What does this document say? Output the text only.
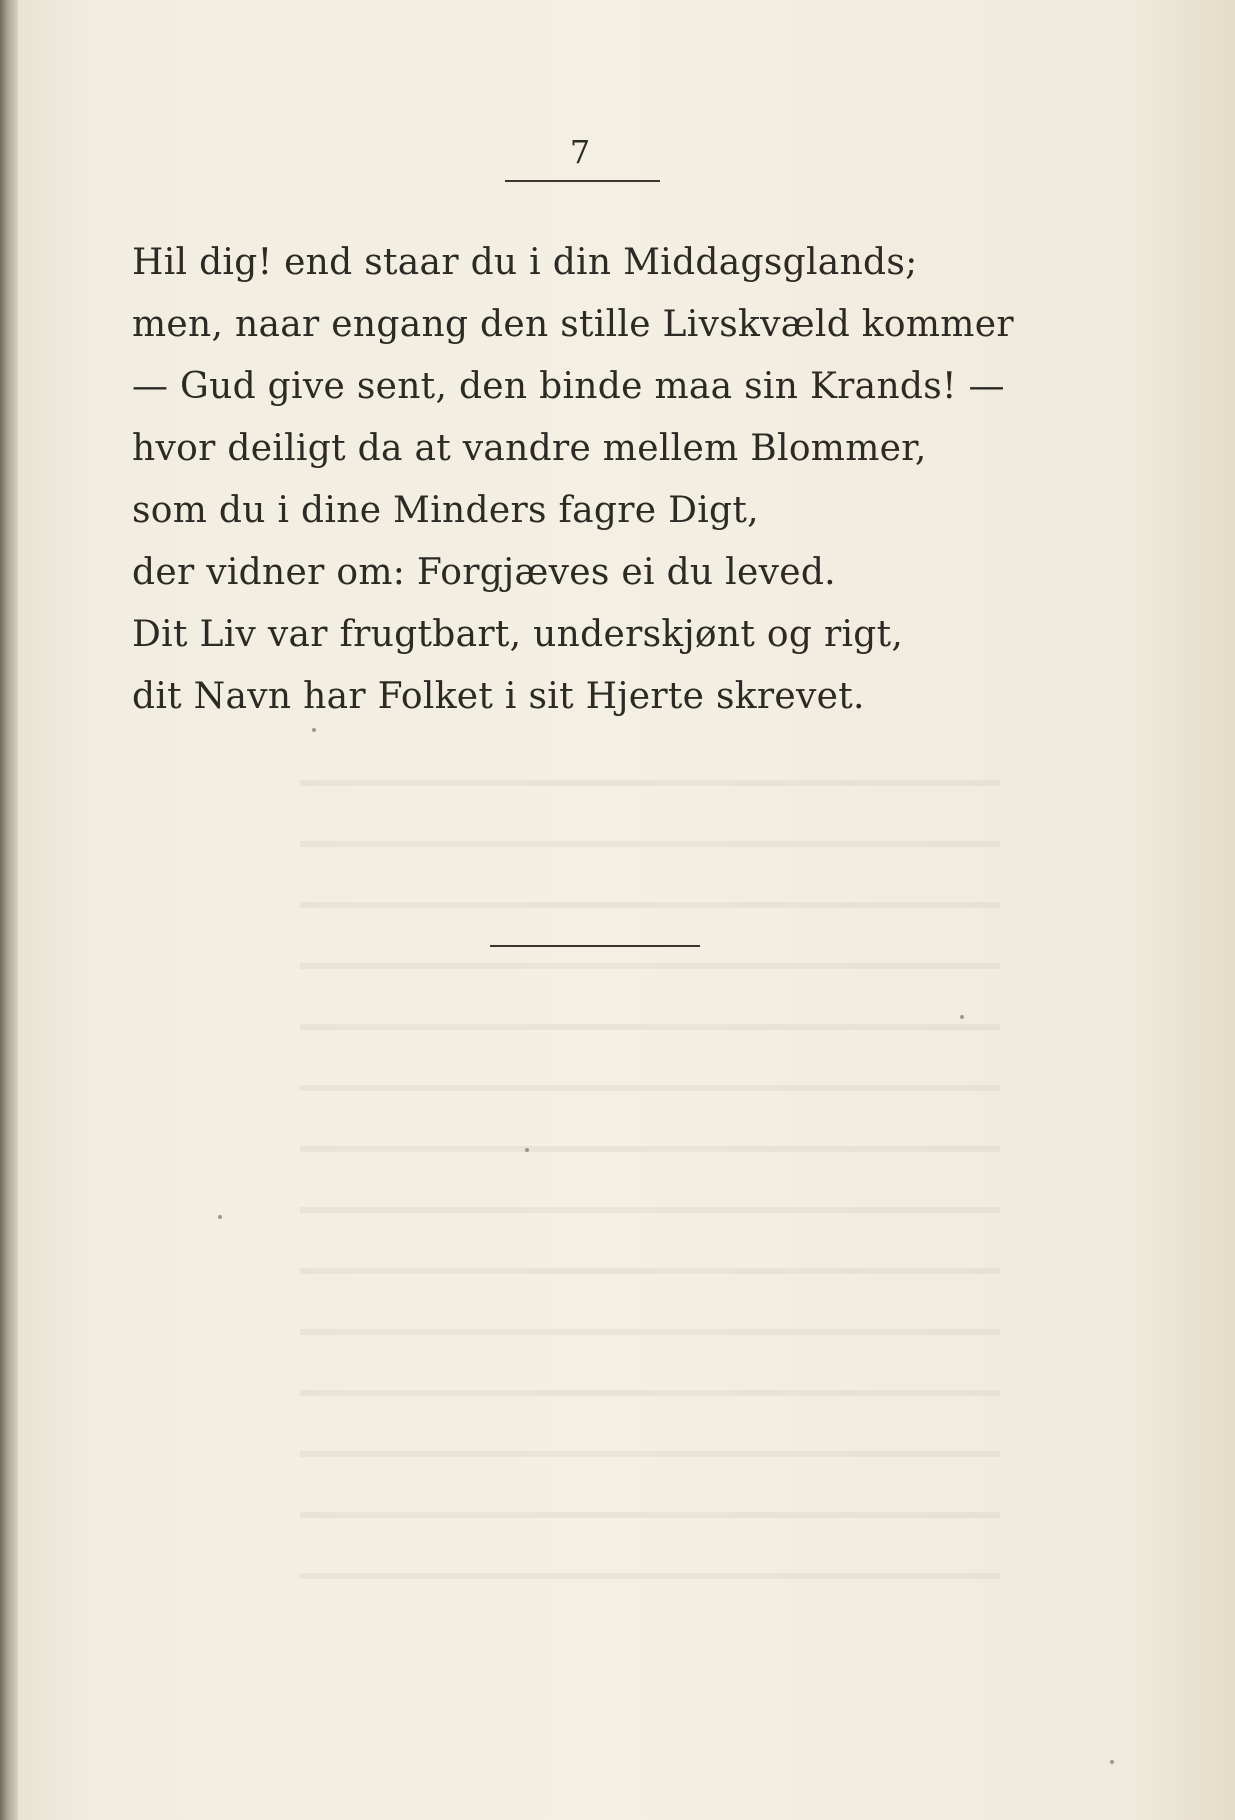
7
Hil dig! end staar du i din Middagsglands;
men, naar engang den stille Livskvæld kommer
— Gud give sent, den binde maa sin Krands! —
hvor deiligt da at vandre mellem Blommer,
som du i dine Minders fagre Digt,
der vidner om: Forgjæves ei du leved.
Dit Liv var frugtbart, underskjønt og rigt,
dit Navn har Folket i sit Hjerte skrevet.
